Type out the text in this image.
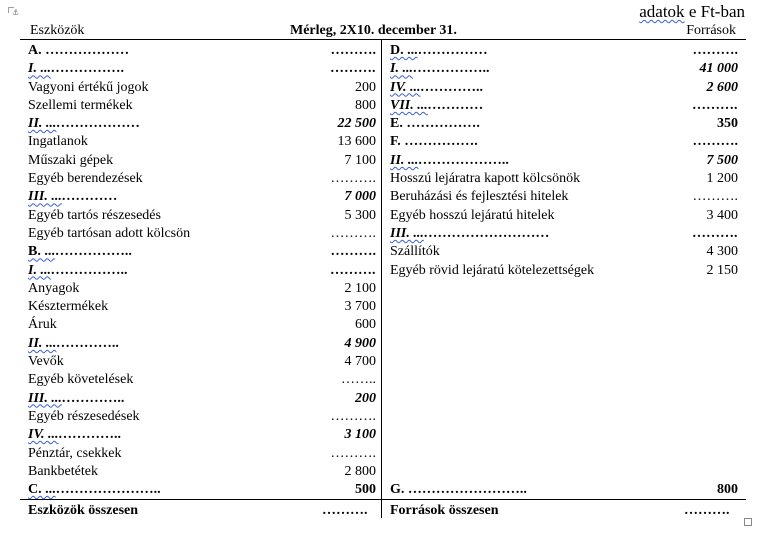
⚓	adatok e Ft-ban
Eszközök	Mérleg, 2X10. december 31.	Források
A. ………………	……….
I. ...…………….	……….
Vagyoni értékű jogok	200
Szellemi termékek	800
II. ...………………	22 500
Ingatlanok	13 600
Műszaki gépek	7 100
Egyéb berendezések	……….
III. ...…………	7 000
Egyéb tartós részesedés	5 300
Egyéb tartósan adott kölcsön	……….
B. ...……………..	……….
I. ...……………..	……….
Anyagok	2 100
Késztermékek	3 700
Áruk	600
II. ...…………..	4 900
Vevők	4 700
Egyéb követelések	……..
III. ...…………..	200
Egyéb részesedések	……….
IV. ...…………..	3 100
Pénztár, csekkek	……….
Bankbetétek	2 800
C. ...…………………..	500
D. ...……………	……….
I. ...……………..	41 000
IV. ...…………..	2 600
VII. ...…………	……….
E. …………….	350
F. …………….	……….
II. ...………………..	7 500
Hosszú lejáratra kapott kölcsönök	1 200
Beruházási és fejlesztési hitelek	……….
Egyéb hosszú lejáratú hitelek	3 400
III. ...………………………	……….
Szállítók	4 300
Egyéb rövid lejáratú kötelezettségek	2 150
G. ……………………..	800
Eszközök összesen	………. Források összesen	……….
